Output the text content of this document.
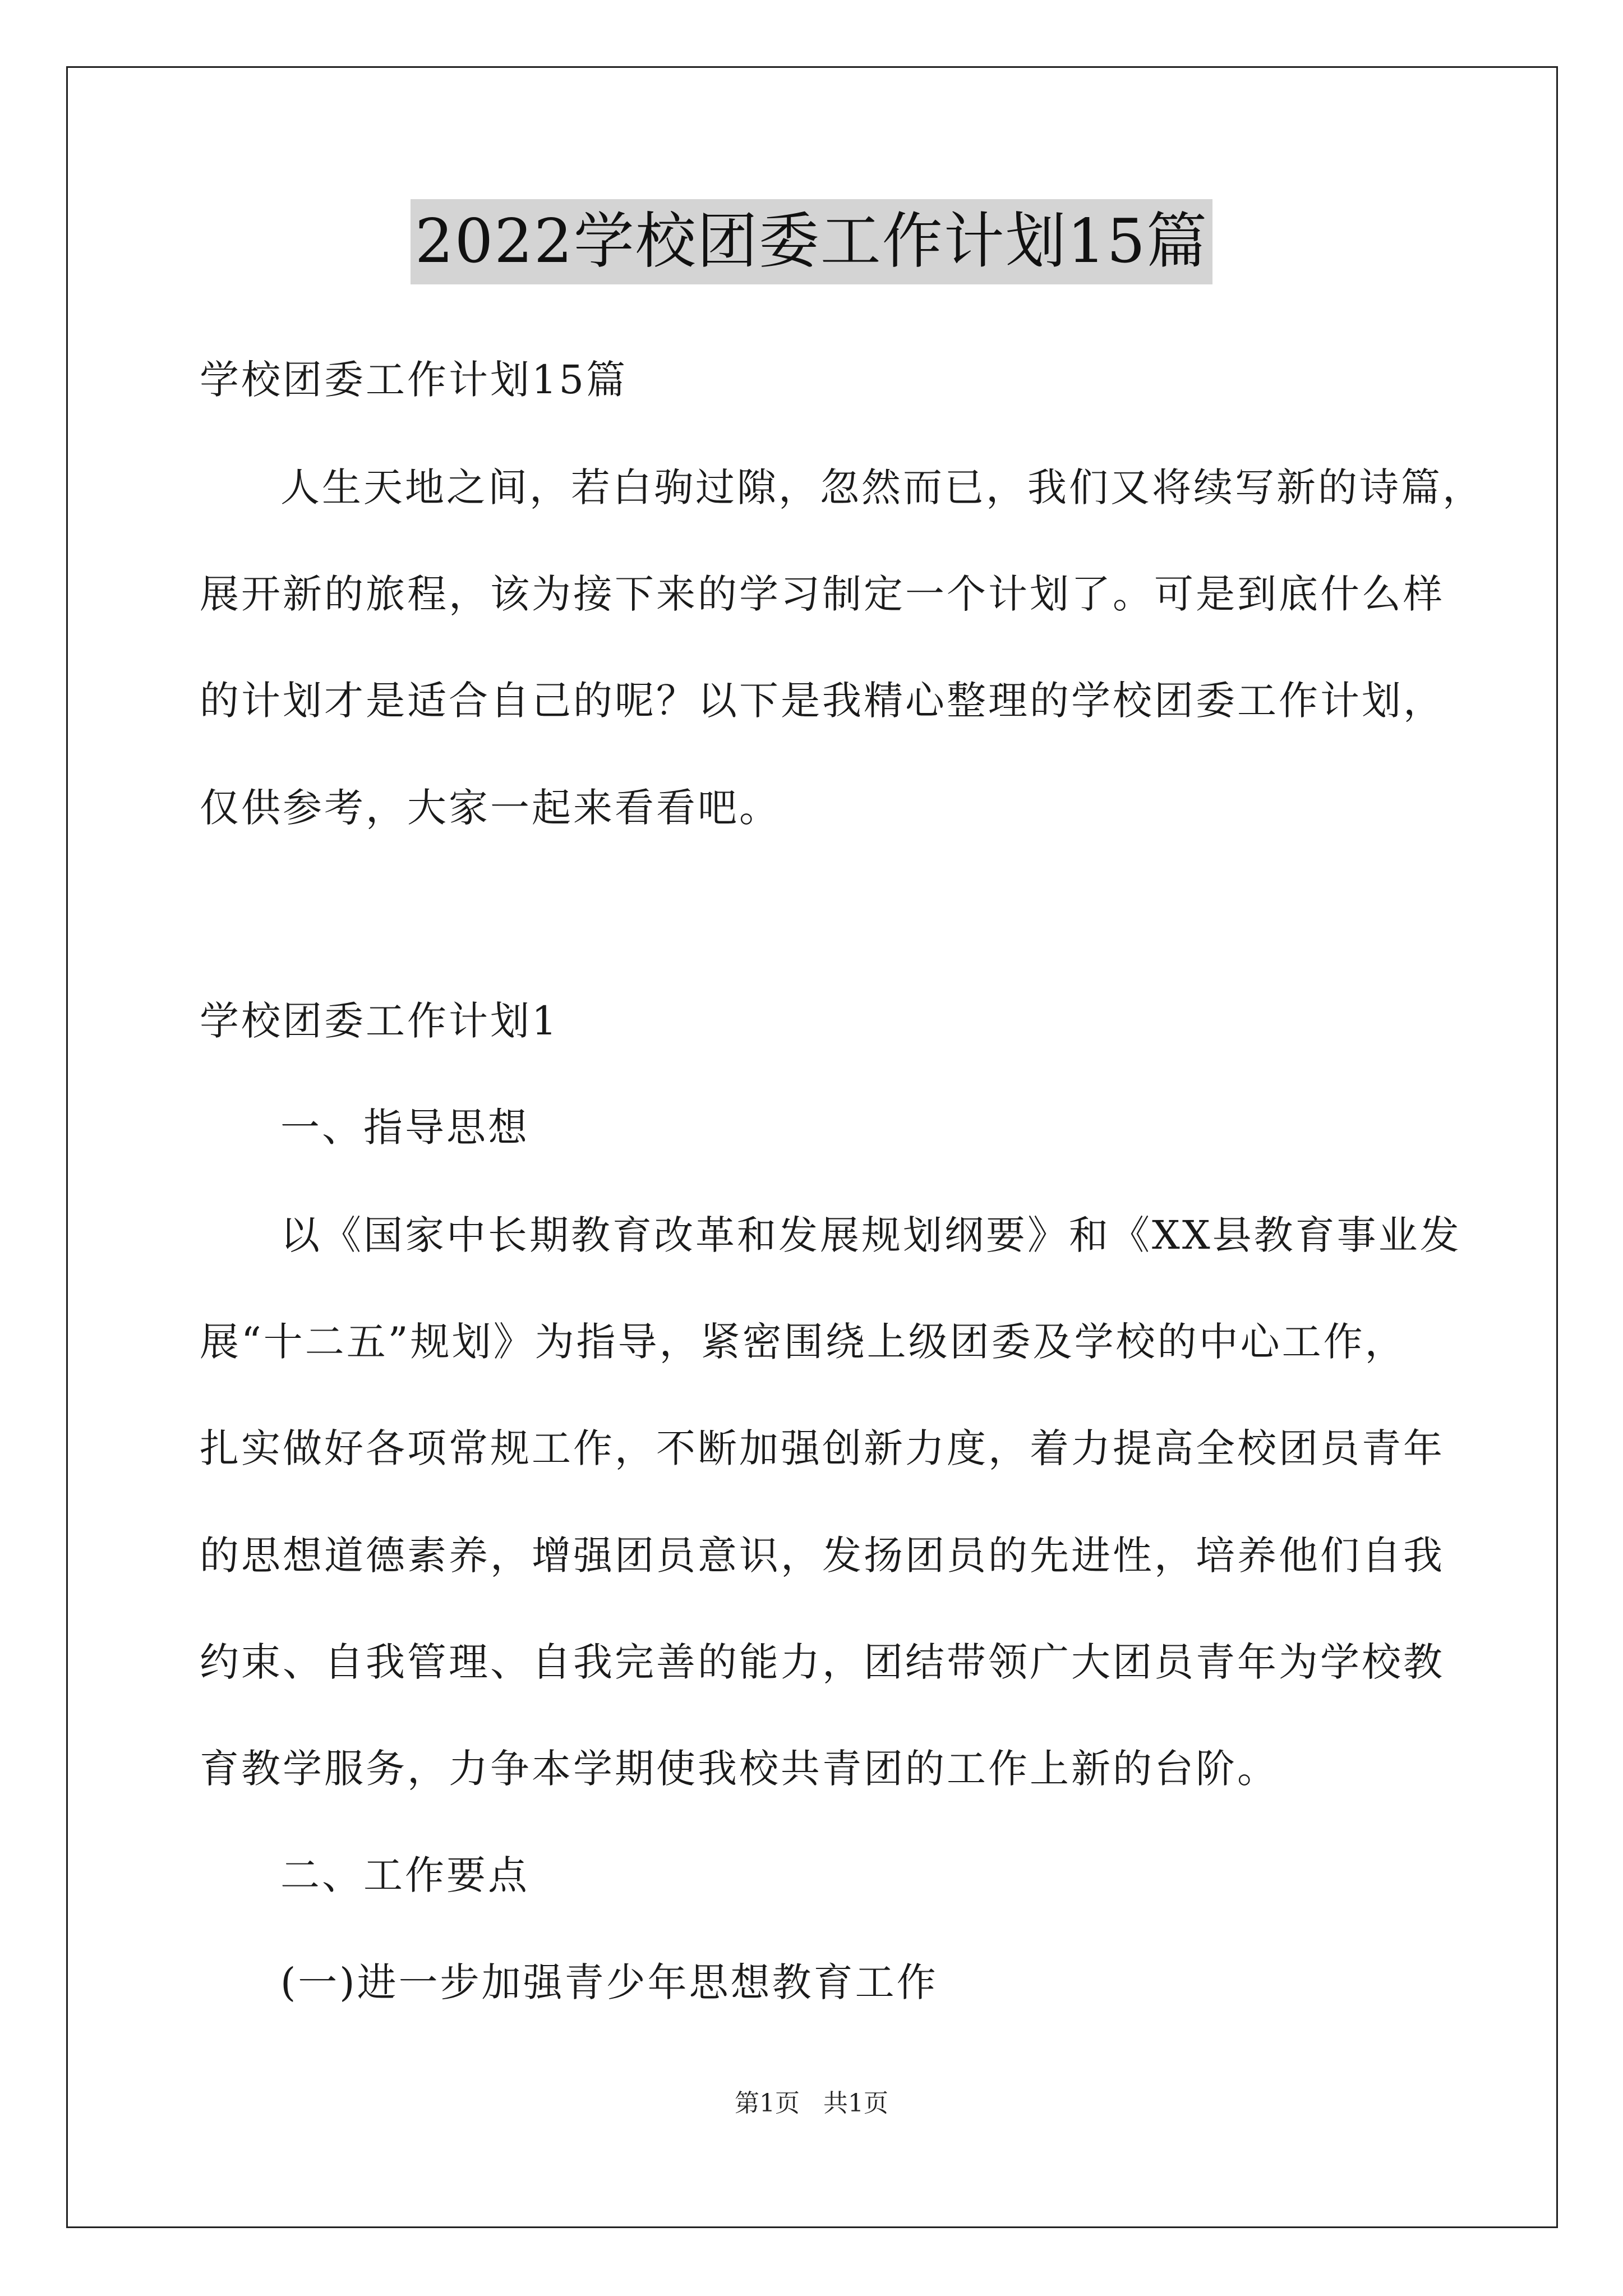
2022学校团委工作计划15篇
学校团委工作计划15篇
人生天地之间，若白驹过隙，忽然而已，我们又将续写新的诗篇，
展开新的旅程，该为接下来的学习制定一个计划了。可是到底什么样
的计划才是适合自己的呢？以下是我精心整理的学校团委工作计划，
仅供参考，大家一起来看看吧。
学校团委工作计划1
一、指导思想
以《国家中长期教育改革和发展规划纲要》和《XX县教育事业发
展“十二五”规划》为指导，紧密围绕上级团委及学校的中心工作，
扎实做好各项常规工作，不断加强创新力度，着力提高全校团员青年
的思想道德素养，增强团员意识，发扬团员的先进性，培养他们自我
约束、自我管理、自我完善的能力，团结带领广大团员青年为学校教
育教学服务，力争本学期使我校共青团的工作上新的台阶。
二、工作要点
(一)进一步加强青少年思想教育工作
第1页 共1页
